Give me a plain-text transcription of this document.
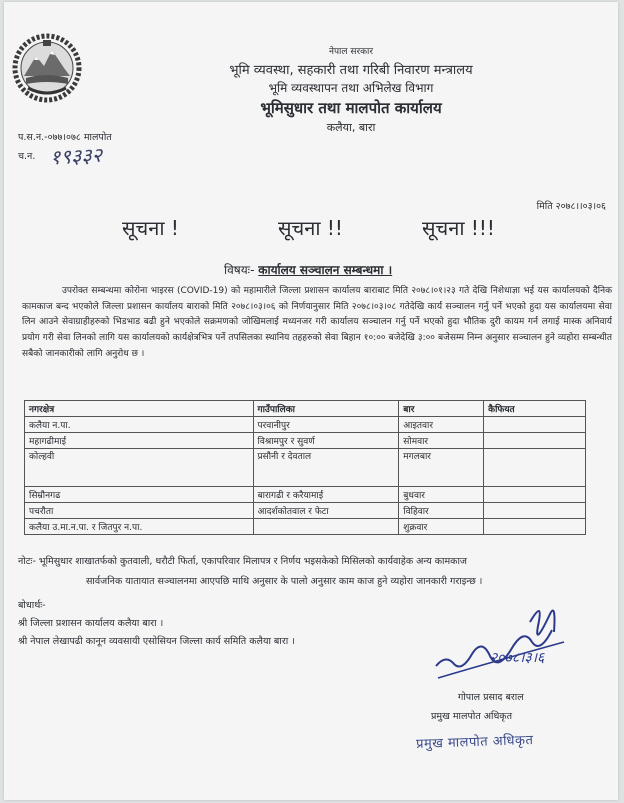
नेपाल सरकार
भूमि व्यवस्था, सहकारी तथा गरिबी निवारण मन्त्रालय
भूमि व्यवस्थापन तथा अभिलेख विभाग
भूमिसुधार तथा मालपोत कार्यालय
कलैया, बारा
प.स.न.-०७७।०७८ मालपोत
च.न. १९३३२
मिति २०७८।।०३।०६
सूचना !	सूचना !!	सूचना !!!
विषयः- कार्यालय सञ्चालन सम्बन्धमा ।

उपरोक्त सम्बन्धमा कोरोना भाइरस (COVID-19) को महामारीले जिल्ला प्रशासन कार्यालय बाराबाट मिति २०७८।०१।२३ गते देखि निशेधाज्ञा भई यस कार्यालयको दैनिक कामकाज बन्द भएकोले जिल्ला प्रशासन कार्यालय बाराको मिति २०७८।०३।०६ को निर्णयानुसार मिति २०७८।०३।०८ गतेदेखि कार्य सञ्चालन गर्नु पर्ने भएको हुदा यस कार्यालयमा सेवा लिन आउने सेवाग्राहीहरुको भिडभाड बढी हुने भएकोले सक्रमणको जोखिमलाई मध्यनजर गरी कार्यालय सञ्चालन गर्नु पर्ने भएको हुदा भौतिक दुरी कायम गर्न लगाई मास्क अनिवार्य प्रयोग गरी सेवा लिनको लागि यस कार्यालयको कार्यक्षेत्रभित्र पर्ने तपसिलका स्थानिय तहहरुको सेवा बिहान १०:०० बजेदेखि ३:०० बजेसम्म निम्न अनुसार सञ्चालन हुने व्यहोरा सम्बन्धीत सबैको जानकारीको लागि अनुरोध छ ।

नगरक्षेत्र	गाउँपालिका	बार	कैफियत
कलैया न.पा.	परवानीपुर	आइतवार	
महागढीमाई	विश्रामपुर र सुवर्ण	सोमवार	
कोल्हवी	प्रसौनी र देवताल	मगलबार	
सिम्रौनगढ	बारागढी र करैयामाई	बुधवार	
पचरौता	आदर्शकोतवाल र फेटा	विहिवार	
कलैया उ.मा.न.पा. र जितपुर न.पा.		शुक्रवार	
नोटः- भूमिसुधार शाखातर्फको कुतवाली, धरौटी फिर्ता, एकापरिवार मिलापत्र र निर्णय भइसकेको मिसिलको कार्यवाहेक अन्य कामकाज
सार्वजनिक यातायात सञ्चालनमा आएपछि माथि अनुसार के पालो अनुसार काम काज हुने व्यहोरा जानकारी गराइन्छ ।
बोधार्थः-
श्री जिल्ला प्रशासन कार्यालय कलैया बारा ।
श्री नेपाल लेखापढी कानून व्यवसायी एसोसियन जिल्ला कार्य समिति कलैया बारा ।
२०७८।३।६
गोपाल प्रसाद बराल
प्रमुख मालपोत अधिकृत
प्रमुख मालपोत अधिकृत
